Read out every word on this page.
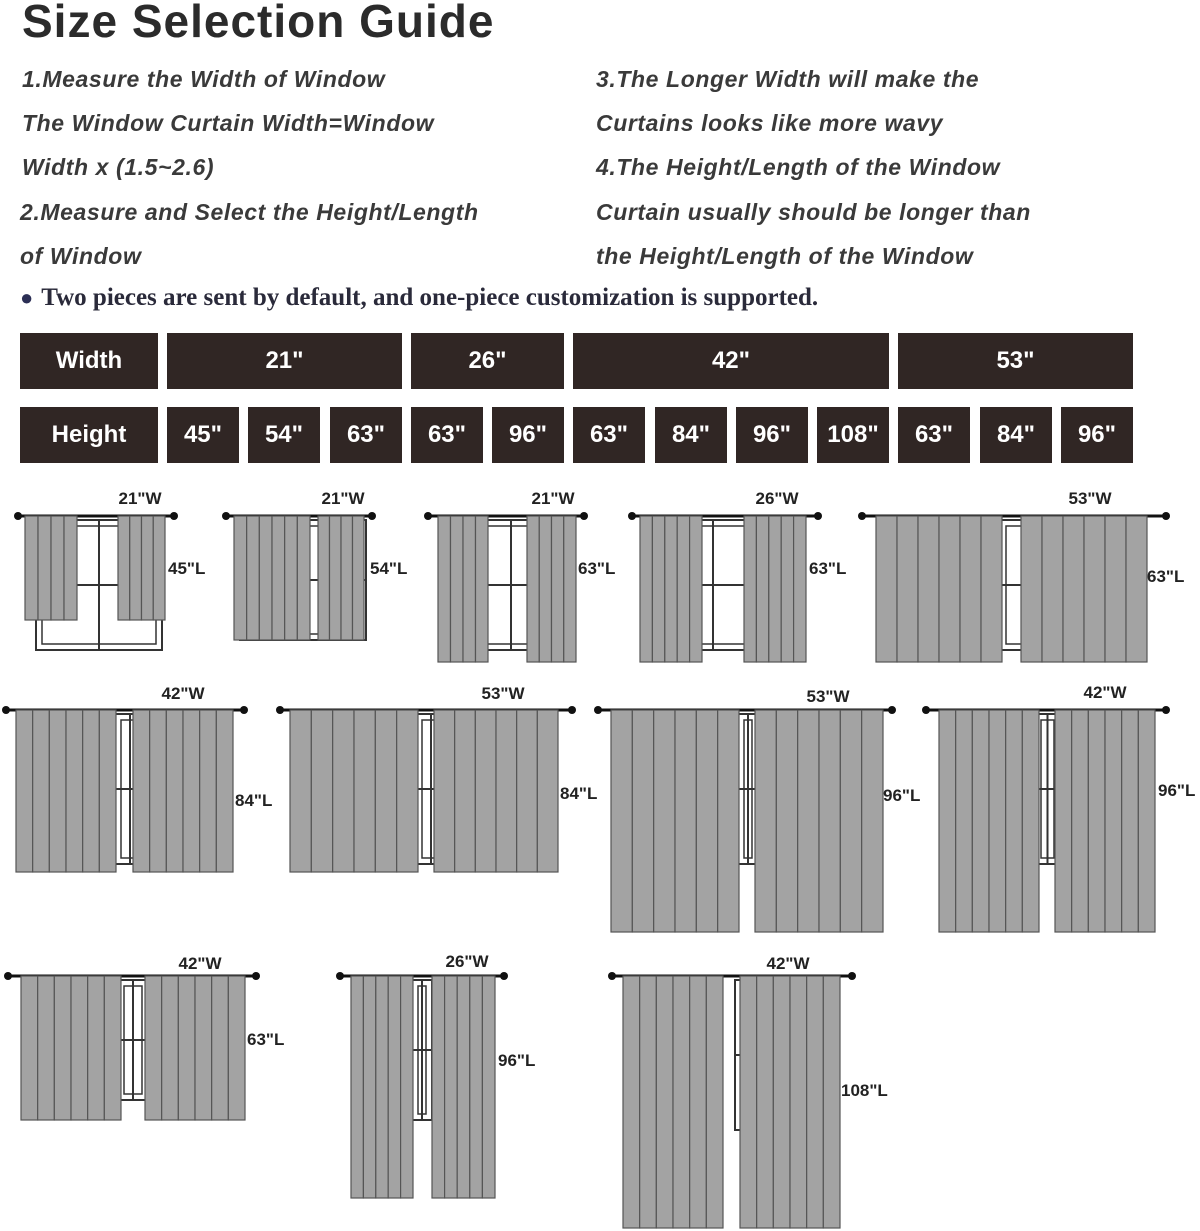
Size Selection Guide
1.Measure the Width of Window
The Window Curtain Width=Window
Width x (1.5~2.6)
2.Measure and Select the Height/Length
of Window
3.The Longer Width will make the
Curtains looks like more wavy
4.The Height/Length of the Window
Curtain usually should be longer than
the Height/Length of the Window
● Two pieces are sent by default, and one-piece customization is supported.
Width	21"	26"	42"	53"
Height	45"	54"	63"	63"	96"	63"	84"	96"	108"	63"	84"	96"
21"W
45"L
21"W
54"L
21"W
63"L
26"W
63"L
53"W
63"L
42"W
84"L
53"W
84"L
53"W
96"L
42"W
96"L
42"W
63"L
26"W
96"L
42"W
108"L
